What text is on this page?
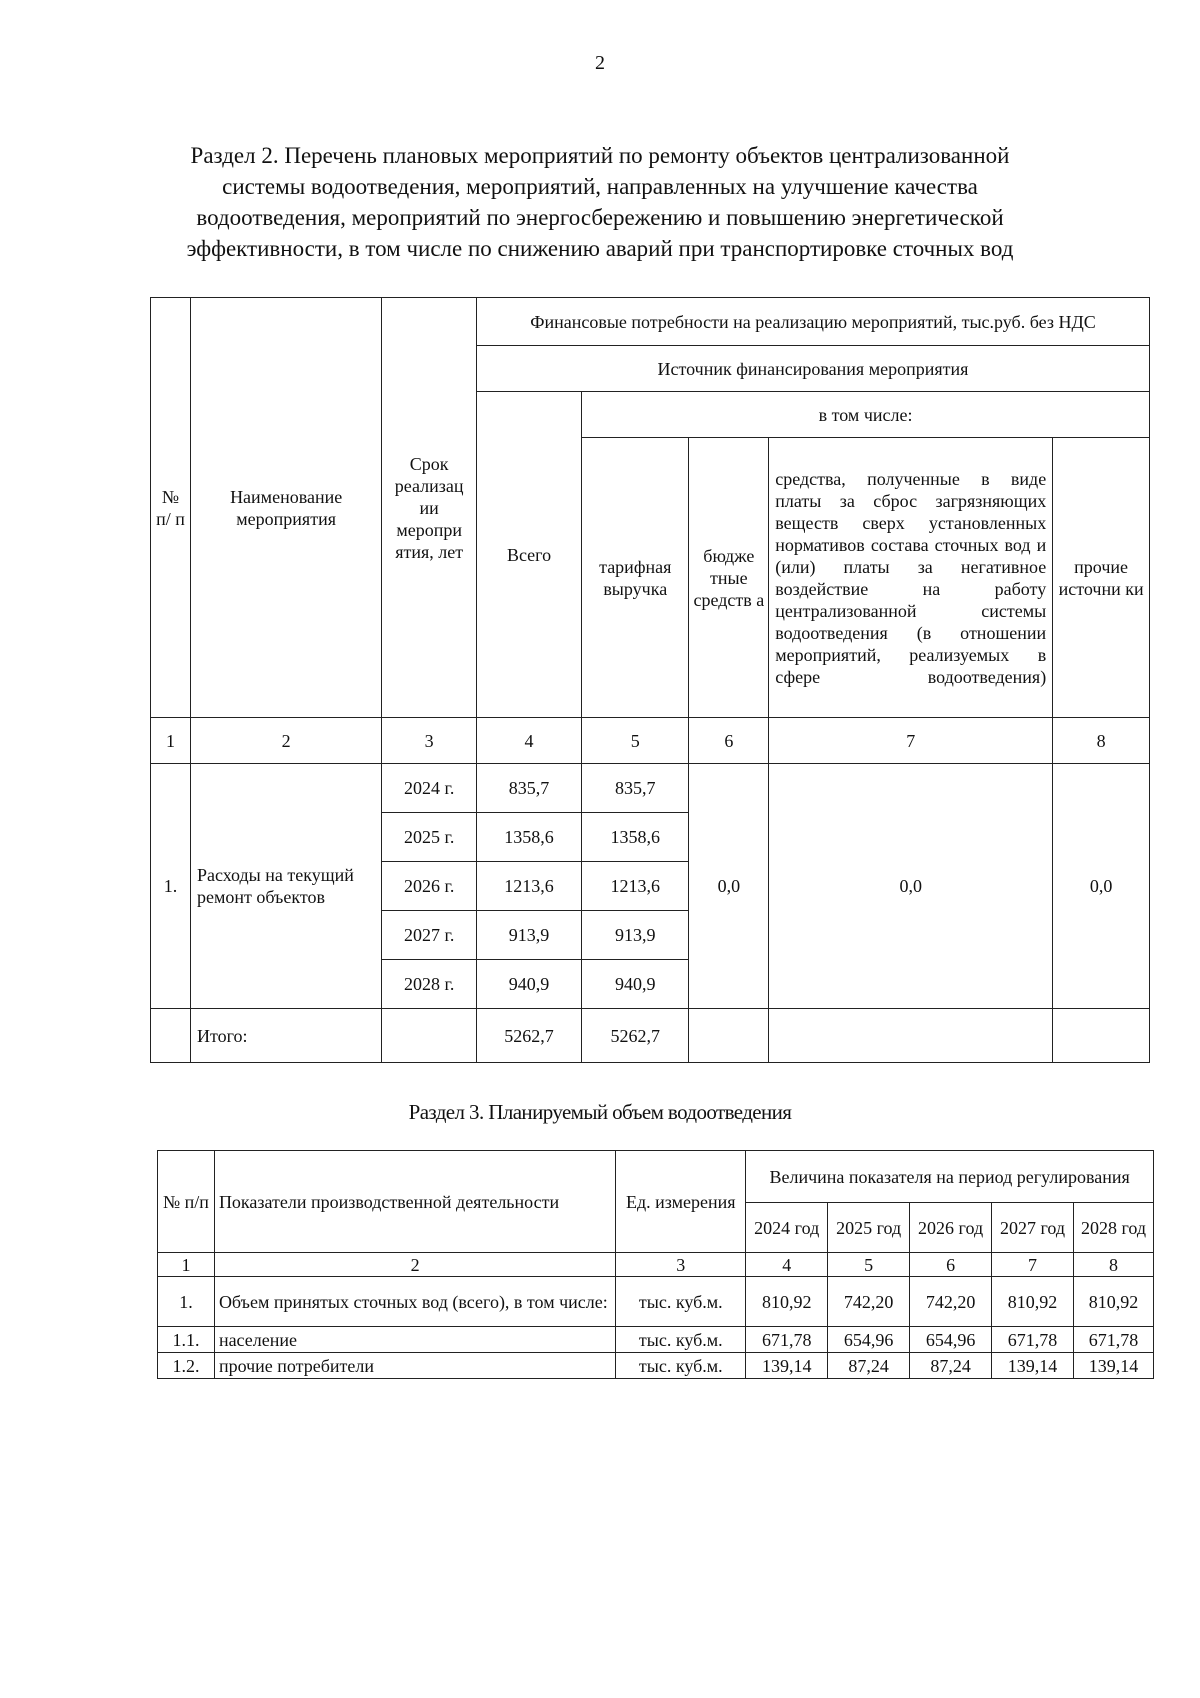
2
Раздел 2. Перечень плановых мероприятий по ремонту объектов централизованной системы водоотведения, мероприятий, направленных на улучшение качества водоотведения, мероприятий по энергосбережению и повышению энергетической эффективности, в том числе по снижению аварий при транспортировке сточных вод
№ п/ п	Наименование мероприятия	Срок реализац ии меропри ятия, лет	Финансовые потребности на реализацию мероприятий, тыс.руб. без НДС				
			Источник финансирования мероприятия				
			Всего	в том числе:			
				тарифная выручка	бюдже тные средств а	средства, полученные в виде платы за сброс загрязняющих веществ сверх установленных нормативов состава сточных вод и (или) платы за негативное воздействие на работу централизованной системы водоотведения (в отношении мероприятий, реализуемых в сфере водоотведения)	прочие источни ки
1	2	3	4	5	6	7	8
1.	Расходы на текущий ремонт объектов	2024 г.	835,7	835,7	0,0	0,0	0,0
		2025 г.	1358,6	1358,6			
		2026 г.	1213,6	1213,6			
		2027 г.	913,9	913,9			
		2028 г.	940,9	940,9			
	Итого:		5262,7	5262,7			
Раздел 3. Планируемый объем водоотведения
№ п/п	Показатели производственной деятельности	Ед. измерения	Величина показателя на период регулирования				
			2024 год	2025 год	2026 год	2027 год	2028 год
1	2	3	4	5	6	7	8
1.	Объем принятых сточных вод (всего), в том числе:	тыс. куб.м.	810,92	742,20	742,20	810,92	810,92
1.1.	население	тыс. куб.м.	671,78	654,96	654,96	671,78	671,78
1.2.	прочие потребители	тыс. куб.м.	139,14	87,24	87,24	139,14	139,14
